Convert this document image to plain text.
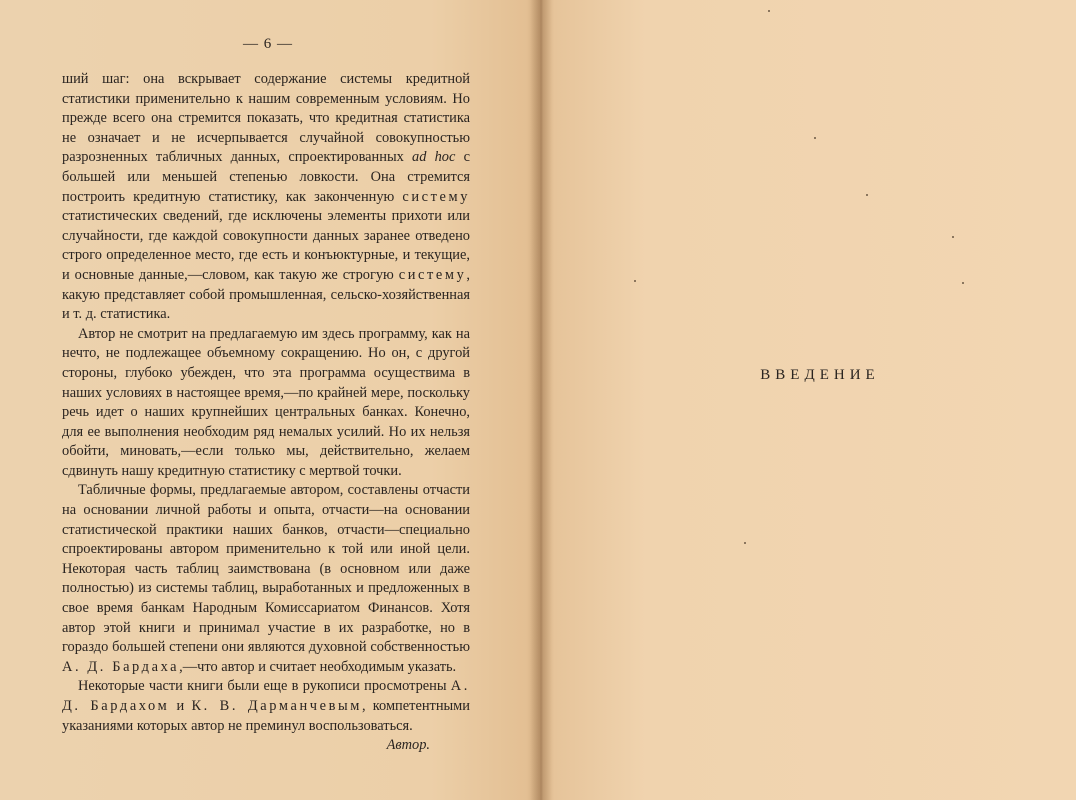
— 6 —

ший шаг: она вскрывает содержание системы кредитной статистики применительно к нашим современным условиям. Но прежде всего она стремится показать, что кредитная статистика не означает и не исчерпывается случайной совокупностью разрозненных табличных данных, спроектированных ad hoc с большей или меньшей степенью ловкости. Она стремится построить кредитную статистику, как законченную систему статистических сведений, где исключены элементы прихоти или случайности, где каждой совокупности данных заранее отведено строго определенное место, где есть и конъюктурные, и текущие, и основные данные,—словом, как такую же строгую систему, какую представляет собой промышленная, сельско-хозяйственная и т. д. статистика.

Автор не смотрит на предлагаемую им здесь программу, как на нечто, не подлежащее объемному сокращению. Но он, с другой стороны, глубоко убежден, что эта программа осуществима в наших условиях в настоящее время,—по крайней мере, поскольку речь идет о наших крупнейших центральных банках. Конечно, для ее выполнения необходим ряд немалых усилий. Но их нельзя обойти, миновать,—если только мы, действительно, желаем сдвинуть нашу кредитную статистику с мертвой точки.

Табличные формы, предлагаемые автором, составлены отчасти на основании личной работы и опыта, отчасти—на основании статистической практики наших банков, отчасти—специально спроектированы автором применительно к той или иной цели. Некоторая часть таблиц заимствована (в основном или даже полностью) из системы таблиц, выработанных и предложенных в свое время банкам Народным Комиссариатом Финансов. Хотя автор этой книги и принимал участие в их разработке, но в гораздо большей степени они являются духовной собственностью А. Д. Бардаха,—что автор и считает необходимым указать.

Некоторые части книги были еще в рукописи просмотрены А. Д. Бардахом и К. В. Дарманчевым, компетентными указаниями которых автор не преминул воспользоваться.

Автор.

ВВЕДЕНИЕ
